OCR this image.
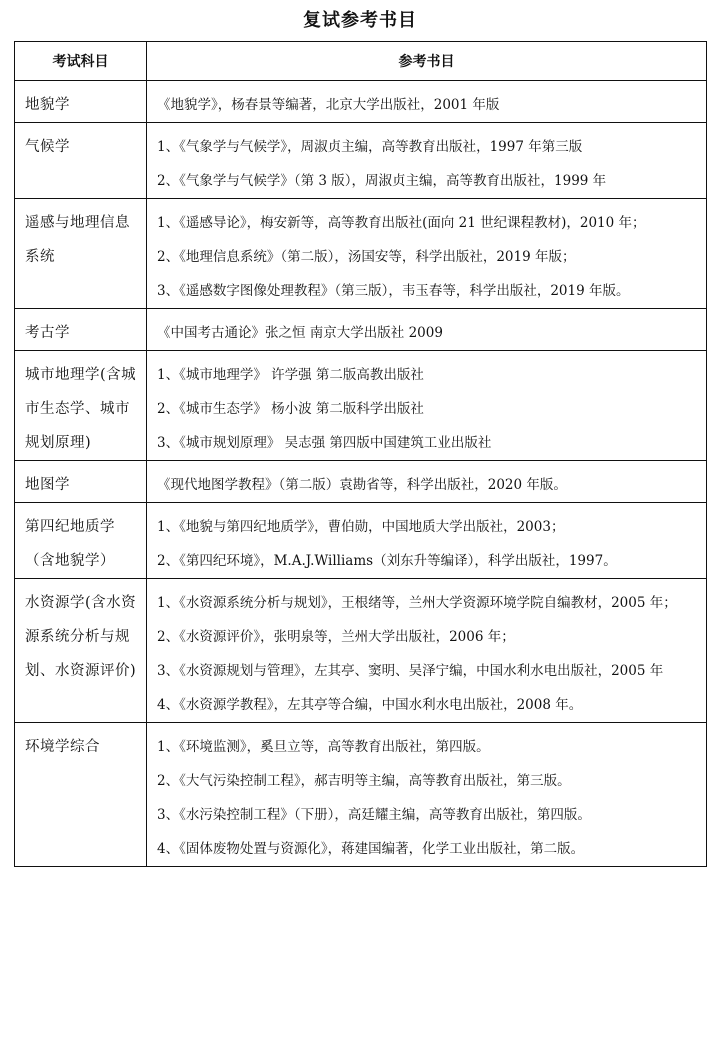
复试参考书目
考试科目	参考书目
地貌学	《地貌学》，杨春景等编著，北京大学出版社，2001 年版

气候学	1、《气象学与气候学》，周淑贞主编，高等教育出版社，1997 年第三版
2、《气象学与气候学》（第 3 版），周淑贞主编，高等教育出版社，1999 年

遥感与地理信息系统	1、《遥感导论》，梅安新等，高等教育出版社(面向 21 世纪课程教材)，2010 年；
2、《地理信息系统》（第二版），汤国安等，科学出版社，2019 年版；
3、《遥感数字图像处理教程》（第三版），韦玉春等，科学出版社，2019 年版。

考古学	《中国考古通论》张之恒 南京大学出版社 2009

城市地理学(含城市生态学、城市规划原理)	1、《城市地理学》 许学强 第二版高教出版社
2、《城市生态学》 杨小波 第二版科学出版社
3、《城市规划原理》 吴志强 第四版中国建筑工业出版社

地图学	《现代地图学教程》（第二版）袁勘省等，科学出版社，2020 年版。

第四纪地质学（含地貌学）	1、《地貌与第四纪地质学》，曹伯勋，中国地质大学出版社，2003；
2、《第四纪环境》，M.A.J.Williams（刘东升等编译），科学出版社，1997。

水资源学(含水资源系统分析与规划、水资源评价)	1、《水资源系统分析与规划》，王根绪等，兰州大学资源环境学院自编教材，2005 年；
2、《水资源评价》，张明泉等，兰州大学出版社，2006 年；
3、《水资源规划与管理》，左其亭、窦明、吴泽宁编，中国水利水电出版社，2005 年
4、《水资源学教程》，左其亭等合编，中国水利水电出版社，2008 年。

环境学综合	1、《环境监测》，奚旦立等，高等教育出版社，第四版。
2、《大气污染控制工程》，郝吉明等主编，高等教育出版社，第三版。
3、《水污染控制工程》（下册），高廷耀主编，高等教育出版社，第四版。
4、《固体废物处置与资源化》，蒋建国编著，化学工业出版社，第二版。
